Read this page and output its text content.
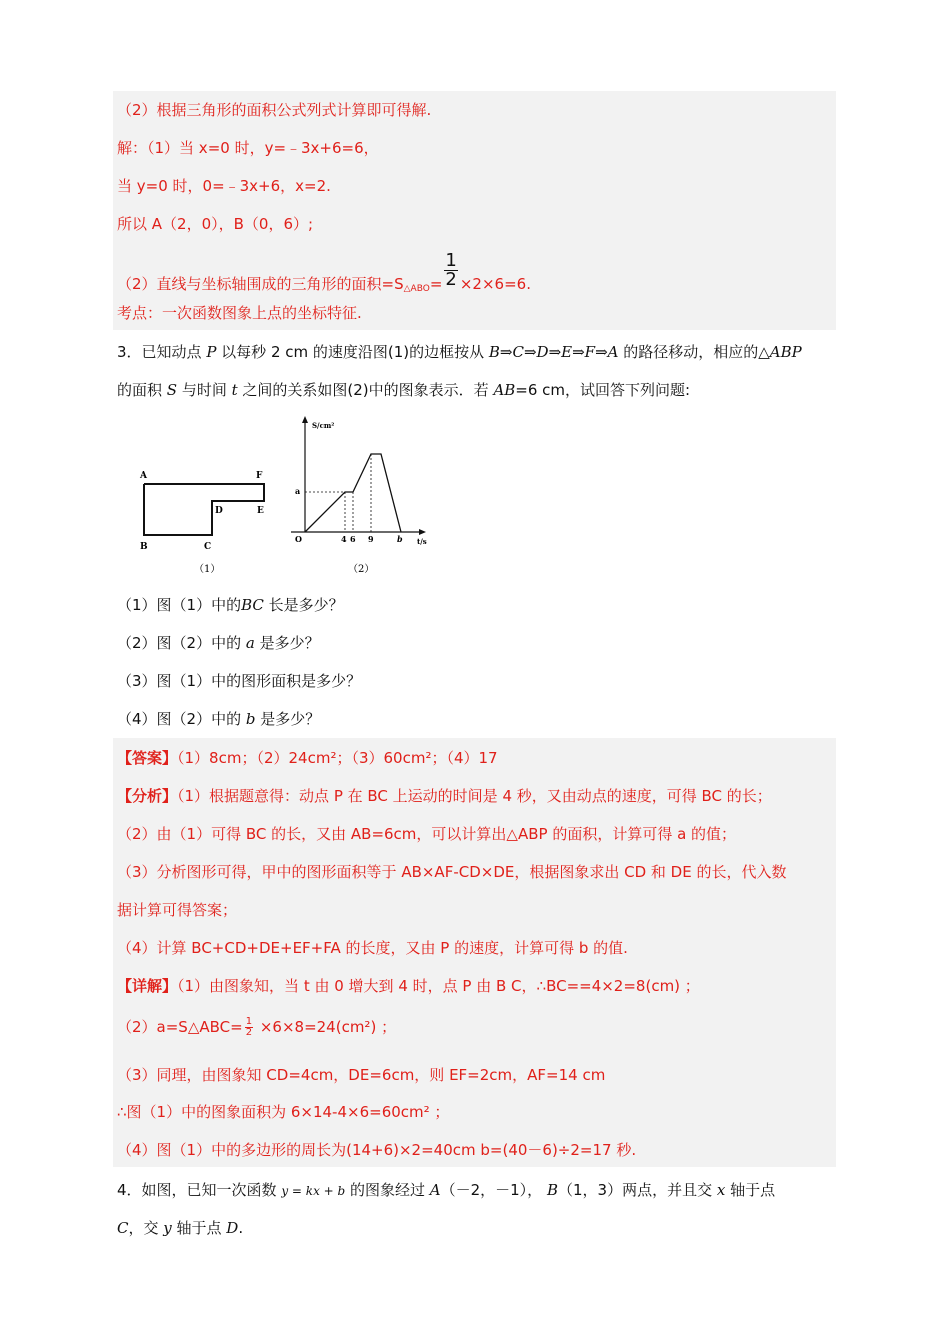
（2）根据三角形的面积公式列式计算即可得解.
解：（1）当 x=0 时，y=﹣3x+6=6，
当 y=0 时，0=﹣3x+6，x=2.
所以 A（2，0），B（0，6）;
（2）直线与坐标轴围成的三角形的面积$=S_{\triangle ABO}= \frac{1}{2} \times 2\times 6=6$.
考点：一次函数图象上点的坐标特征.
3．已知动点 P 以每秒 2 cm 的速度沿图(1)的边框按从 B⇒C⇒D⇒E⇒F⇒A 的路径移动，相应的△ABP
的面积 S 与时间 t 之间的关系如图(2)中的图象表示．若 AB=6 cm，试回答下列问题:
A	F
D	E
B	C
（1）
S/cm²
t/s
O
a
4 6 9	b
（2）
（1）图（1）中的BC 长是多少？
（2）图（2）中的 a 是多少？
（3）图（1）中的图形面积是多少？
（4）图（2）中的 b 是多少？
【答案】（1）8cm；（2）24cm²；（3）60cm²；（4）17
【分析】（1）根据题意得：动点 P 在 BC 上运动的时间是 4 秒，又由动点的速度，可得 BC 的长；
（2）由（1）可得 BC 的长，又由 AB=6cm，可以计算出△ABP 的面积，计算可得 a 的值；
（3）分析图形可得，甲中的图形面积等于 AB×AF-CD×DE，根据图象求出 CD 和 DE 的长，代入数
据计算可得答案；
（4）计算 BC+CD+DE+EF+FA 的长度，又由 P 的速度，计算可得 b 的值.
【详解】（1）由图象知，当 t 由 0 增大到 4 时，点 P 由 B C，∴BC==4×2=8(cm) ；
（2）a=S△ABC= $\frac{1}{2} \times 6\times 8=24(cm^2)$ ；
（3）同理，由图象知 CD=4cm，DE=6cm，则 EF=2cm，AF=14 cm
∴图（1）中的图象面积为 6×14-4×6=60cm² ；
（4）图（1）中的多边形的周长为(14+6)×2=40cm b=(40－6)÷2=17 秒.
4．如图，已知一次函数 y = kx + b 的图象经过 A（－2，－1）， B（1，3）两点，并且交 x 轴于点
C，交 y 轴于点 D.
